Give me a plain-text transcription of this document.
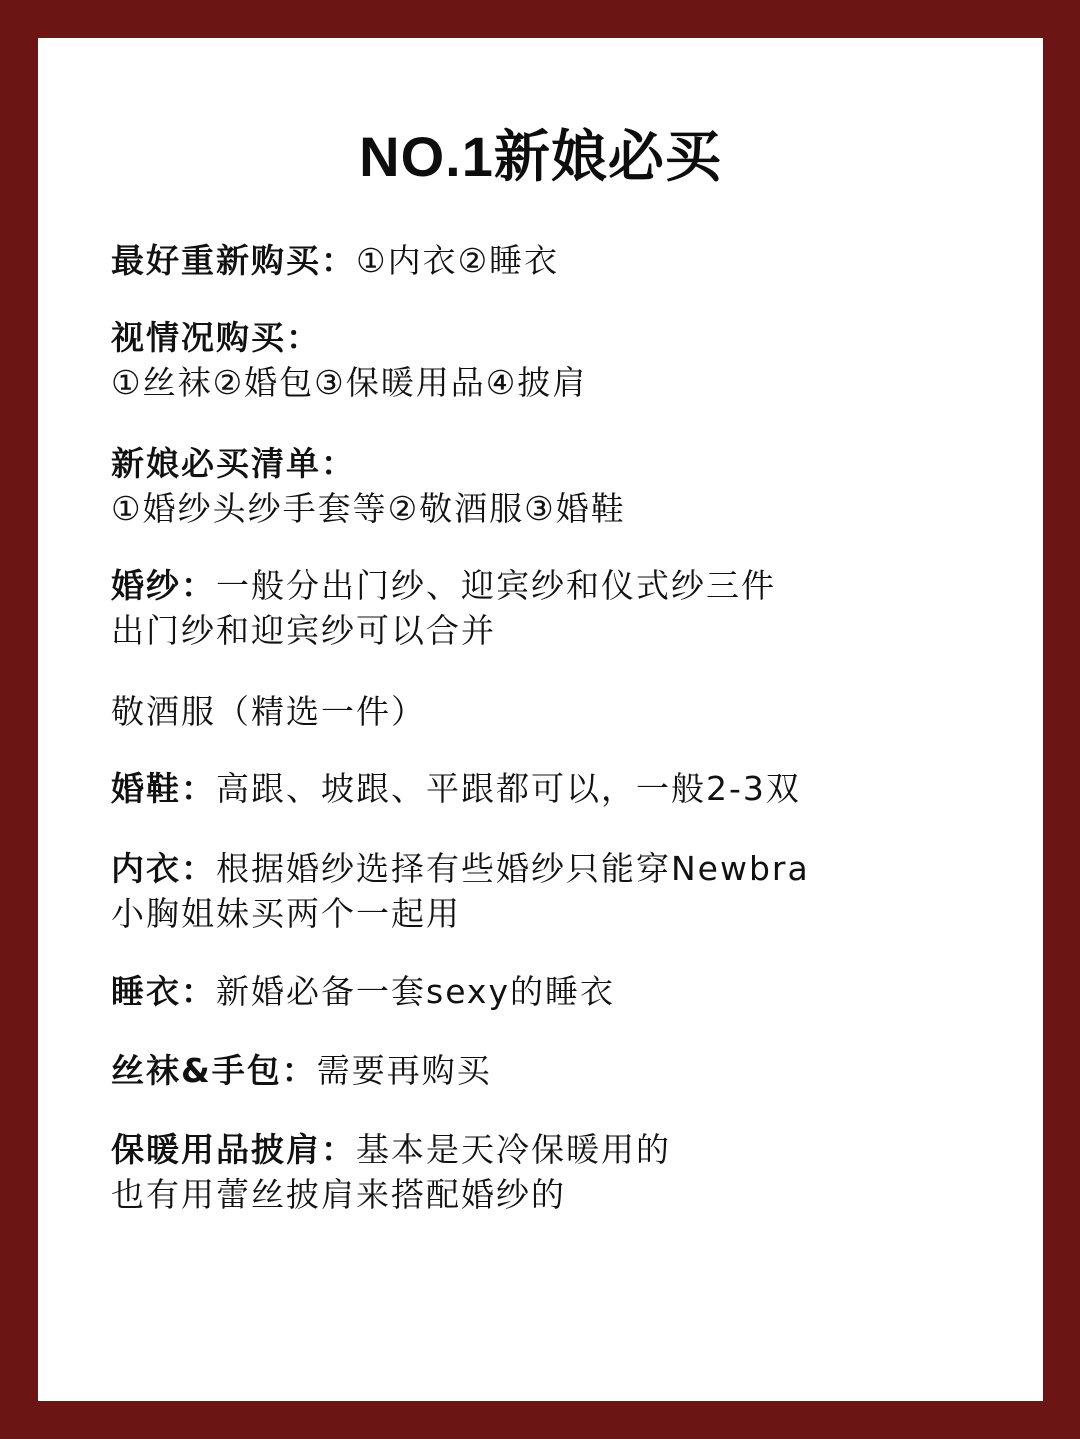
NO.1新娘必买
最好重新购买：①内衣②睡衣
视情况购买：
①丝袜②婚包③保暖用品④披肩
新娘必买清单：
①婚纱头纱手套等②敬酒服③婚鞋
婚纱：一般分出门纱、迎宾纱和仪式纱三件
出门纱和迎宾纱可以合并
敬酒服（精选一件）
婚鞋：高跟、坡跟、平跟都可以，一般2-3双
内衣：根据婚纱选择有些婚纱只能穿Newbra
小胸姐妹买两个一起用
睡衣：新婚必备一套sexy的睡衣
丝袜&手包：需要再购买
保暖用品披肩：基本是天冷保暖用的
也有用蕾丝披肩来搭配婚纱的
